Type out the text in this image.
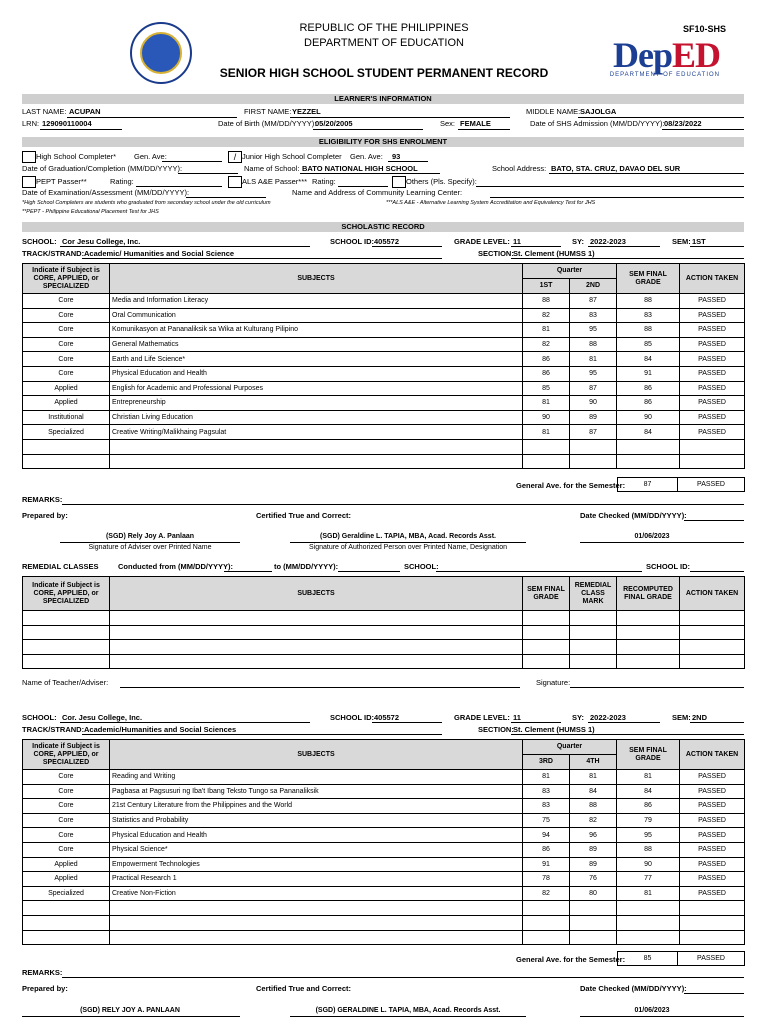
REPUBLIC OF THE PHILIPPINES
DEPARTMENT OF EDUCATION
SENIOR HIGH SCHOOL STUDENT PERMANENT RECORD
SF10-SHS
DepED
DEPARTMENT OF EDUCATION
LEARNER'S INFORMATION
LAST NAME: ACUPAN	FIRST NAME: YEZZEL	MIDDLE NAME: SAJOLGA
LRN: 129090110004	Date of Birth (MM/DD/YYYY):
05/20/2005	Sex: FEMALE	Date of SHS Admission (MM/DD/YYYY): 08/23/2022
ELIGIBILITY FOR SHS ENROLMENT
High School Completer* Gen. Ave:	/ Junior High School Completer Gen. Ave: 93
Date of Graduation/Completion (MM/DD/YYYY):	Name of School: BATO NATIONAL HIGH SCHOOL	School Address: BATO, STA. CRUZ, DAVAO DEL SUR
PEPT Passer**	Rating:	ALS A&E Passer*** Rating:	Others (Pls. Specify):
Date of Examination/Assessment (MM/DD/YYYY):	Name and Address of Community Learning Center:
*High School Completers are students who graduated from secondary school under the old curriculum	***ALS A&E - Alternative Learning System Accreditation and Equivalency Test for JHS
**PEPT - Philippine Educational Placement Test for JHS
SCHOLASTIC RECORD
SCHOOL: Cor Jesu College, Inc.	SCHOOL ID: 405572	GRADE LEVEL: 11	SY: 2022-2023	SEM: 1ST
TRACK/STRAND: Academic/ Humanities and Social Science	SECTION: St. Clement (HUMSS 1)
Indicate if Subject is CORE, APPLIED, or SPECIALIZED	SUBJECTS	Quarter		SEM FINAL GRADE	ACTION TAKEN
		1ST	2ND		
Core	Media and Information Literacy	88	87	88	PASSED
Core	Oral Communication	82	83	83	PASSED
Core	Komunikasyon at Pananaliksik sa Wika at Kulturang Pilipino	81	95	88	PASSED
Core	General Mathematics	82	88	85	PASSED
Core	Earth and Life Science*	86	81	84	PASSED
Core	Physical Education and Health	86	95	91	PASSED
Applied	English for Academic and Professional Purposes	85	87	86	PASSED
Applied	Entrepreneurship	81	90	86	PASSED
Institutional	Christian Living Education	90	89	90	PASSED
Specialized	Creative Writing/Malikhaing Pagsulat	81	87	84	PASSED

General Ave. for the Semester:	87	PASSED
REMARKS:
Prepared by:	Certified True and Correct:	Date Checked (MM/DD/YYYY):
(SGD) Rely Joy A. Panlaan
Signature of Adviser over Printed Name
(SGD) Geraldine L. TAPIA, MBA, Acad. Records Asst.
Signature of Authorized Person over Printed Name, Designation
01/06/2023
REMEDIAL CLASSES	Conducted from (MM/DD/YYYY):	to (MM/DD/YYYY):	SCHOOL:	SCHOOL ID:
Indicate if Subject is CORE, APPLIED, or SPECIALIZED	SUBJECTS	SEM FINAL GRADE	REMEDIAL CLASS MARK	RECOMPUTED FINAL GRADE	ACTION TAKEN

Name of Teacher/Adviser:	Signature:
SCHOOL: Cor. Jesu College, Inc.	SCHOOL ID: 405572	GRADE LEVEL: 11	SY: 2022-2023	SEM: 2ND
TRACK/STRAND: Academic/Humanities and Social Sciences	SECTION: St. Clement (HUMSS 1)
Indicate if Subject is CORE, APPLIED, or SPECIALIZED	SUBJECTS	Quarter		SEM FINAL GRADE	ACTION TAKEN
		3RD	4TH		
Core	Reading and Writing	81	81	81	PASSED
Core	Pagbasa at Pagsusuri ng Iba't Ibang Teksto Tungo sa Pananaliksik	83	84	84	PASSED
Core	21st Century Literature from the Philippines and the World	83	88	86	PASSED
Core	Statistics and Probability	75	82	79	PASSED
Core	Physical Education and Health	94	96	95	PASSED
Core	Physical Science*	86	89	88	PASSED
Applied	Empowerment Technologies	91	89	90	PASSED
Applied	Practical Research 1	78	76	77	PASSED
Specialized	Creative Non-Fiction	82	80	81	PASSED

General Ave. for the Semester:	85	PASSED
REMARKS:
Prepared by:	Certified True and Correct:	Date Checked (MM/DD/YYYY):
(SGD) RELY JOY A. PANLAAN	(SGD) GERALDINE L. TAPIA, MBA, Acad. Records Asst.	01/06/2023
